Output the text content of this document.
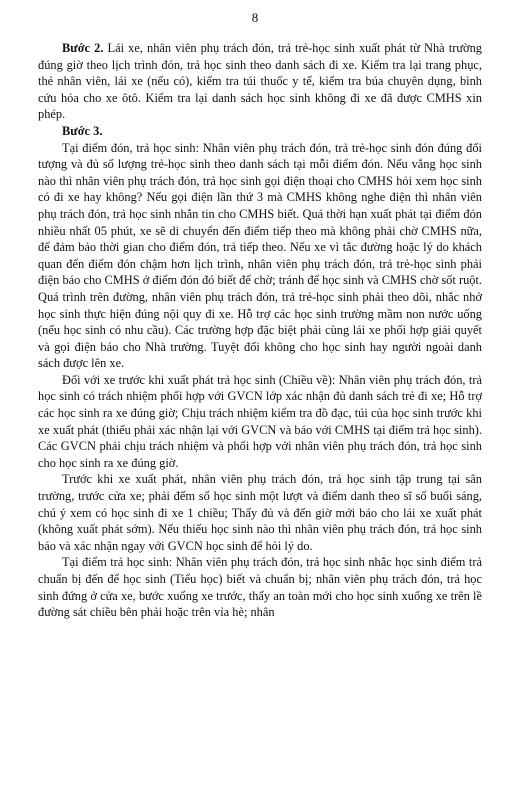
8

Bước 2. Lái xe, nhân viên phụ trách đón, trả trẻ-học sinh xuất phát từ Nhà trường đúng giờ theo lịch trình đón, trả học sinh theo danh sách đi xe. Kiểm tra lại trang phục, thẻ nhân viên, lái xe (nếu có), kiểm tra túi thuốc y tế, kiểm tra búa chuyên dụng, bình cứu hỏa cho xe ôtô. Kiểm tra lại danh sách học sinh không đi xe đã được CMHS xin phép.

Bước 3.

Tại điểm đón, trả học sinh: Nhân viên phụ trách đón, trả trẻ-học sinh đón đúng đối tượng và đủ số lượng trẻ-học sinh theo danh sách tại mỗi điểm đón. Nếu vắng học sinh nào thì nhân viên phụ trách đón, trả học sinh gọi điện thoại cho CMHS hỏi xem học sinh có đi xe hay không? Nếu gọi điện lần thứ 3 mà CMHS không nghe điện thì nhân viên phụ trách đón, trả học sinh nhắn tin cho CMHS biết. Quá thời hạn xuất phát tại điểm đón nhiều nhất 05 phút, xe sẽ di chuyển đến điểm tiếp theo mà không phải chờ CMHS nữa, để đảm bảo thời gian cho điểm đón, trả tiếp theo. Nếu xe vì tắc đường hoặc lý do khách quan đến điểm đón chậm hơn lịch trình, nhân viên phụ trách đón, trả trẻ-học sinh phải điện báo cho CMHS ở điểm đón đó biết để chờ; tránh để học sinh và CMHS chờ sốt ruột. Quá trình trên đường, nhân viên phụ trách đón, trả trẻ-học sinh phải theo dõi, nhắc nhở học sinh thực hiện đúng nội quy đi xe. Hỗ trợ các học sinh trường mầm non nước uống (nếu học sinh có nhu cầu). Các trường hợp đặc biệt phải cùng lái xe phối hợp giải quyết và gọi điện báo cho Nhà trường. Tuyệt đối không cho học sinh hay người ngoài danh sách được lên xe.

Đối với xe trước khi xuất phát trả học sinh (Chiều về): Nhân viên phụ trách đón, trả học sinh có trách nhiệm phối hợp với GVCN lớp xác nhận đủ danh sách trẻ đi xe; Hỗ trợ các học sinh ra xe đúng giờ; Chịu trách nhiệm kiểm tra đồ đạc, túi của học sinh trước khi xe xuất phát (thiếu phải xác nhận lại với GVCN và báo với CMHS tại điểm trả học sinh). Các GVCN phải chịu trách nhiệm và phối hợp với nhân viên phụ trách đón, trả học sinh cho học sinh ra xe đúng giờ.

Trước khi xe xuất phát, nhân viên phụ trách đón, trả học sinh tập trung tại sân trường, trước cửa xe; phải đếm số học sinh một lượt và điểm danh theo sĩ số buổi sáng, chú ý xem có học sinh đi xe 1 chiều; Thấy đủ và đến giờ mới báo cho lái xe xuất phát (không xuất phát sớm). Nếu thiếu học sinh nào thì nhân viên phụ trách đón, trả học sinh báo và xác nhận ngay với GVCN học sinh để hỏi lý do.

Tại điểm trả học sinh: Nhân viên phụ trách đón, trả học sinh nhắc học sinh điểm trả chuẩn bị đến để học sinh (Tiểu học) biết và chuẩn bị; nhân viên phụ trách đón, trả học sinh đứng ở cửa xe, bước xuống xe trước, thấy an toàn mới cho học sinh xuống xe trên lề đường sát chiều bên phải hoặc trên vỉa hè; nhân
